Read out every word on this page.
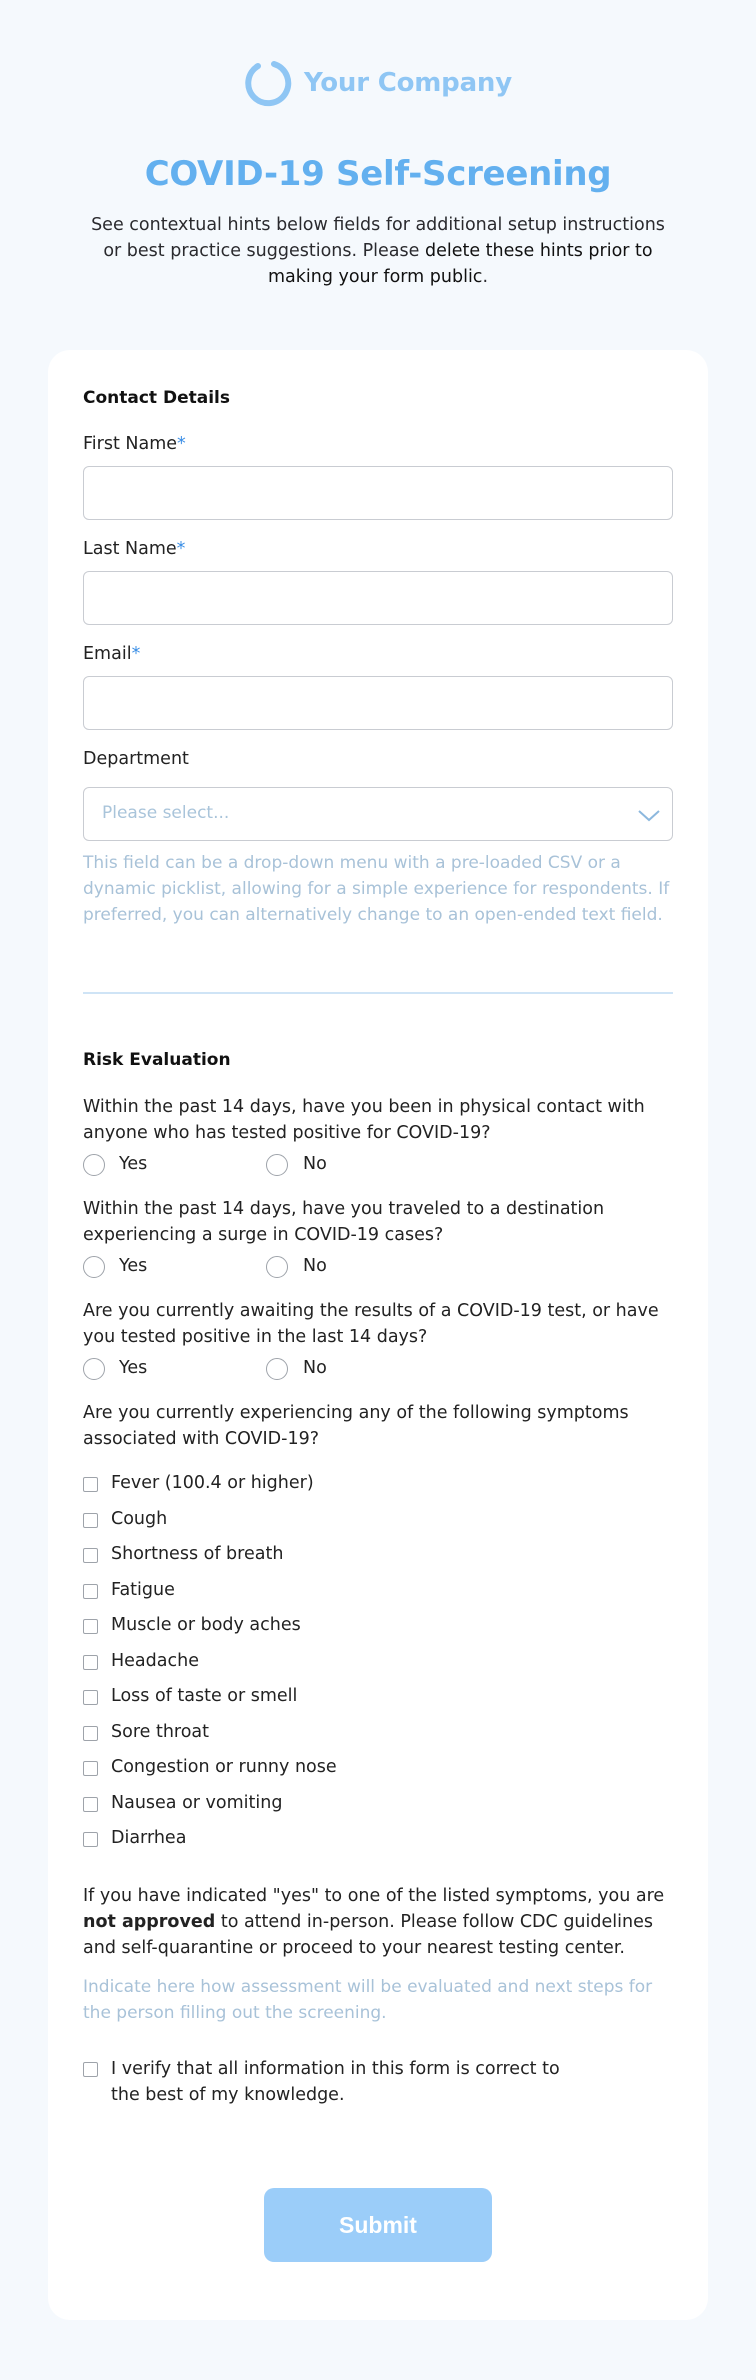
Your Company
COVID-19 Self-Screening

See contextual hints below fields for additional setup instructions or best practice suggestions. Please delete these hints prior to making your form public.

Contact Details
First Name*
Last Name*
Email*
Department
Please select...
This field can be a drop-down menu with a pre-loaded CSV or a dynamic picklist, allowing for a simple experience for respondents. If preferred, you can alternatively change to an open-ended text field.
Risk Evaluation
Within the past 14 days, have you been in physical contact with anyone who has tested positive for COVID-19?
Yes	No
Within the past 14 days, have you traveled to a destination experiencing a surge in COVID-19 cases?
Yes	No
Are you currently awaiting the results of a COVID-19 test, or have you tested positive in the last 14 days?
Yes	No
Are you currently experiencing any of the following symptoms associated with COVID-19?
Fever (100.4 or higher)
Cough
Shortness of breath
Fatigue
Muscle or body aches
Headache
Loss of taste or smell
Sore throat
Congestion or runny nose
Nausea or vomiting
Diarrhea
If you have indicated "yes" to one of the listed symptoms, you are not approved to attend in-person. Please follow CDC guidelines and self-quarantine or proceed to your nearest testing center.
Indicate here how assessment will be evaluated and next steps for the person filling out the screening.
I verify that all information in this form is correct to the best of my knowledge.
Submit
